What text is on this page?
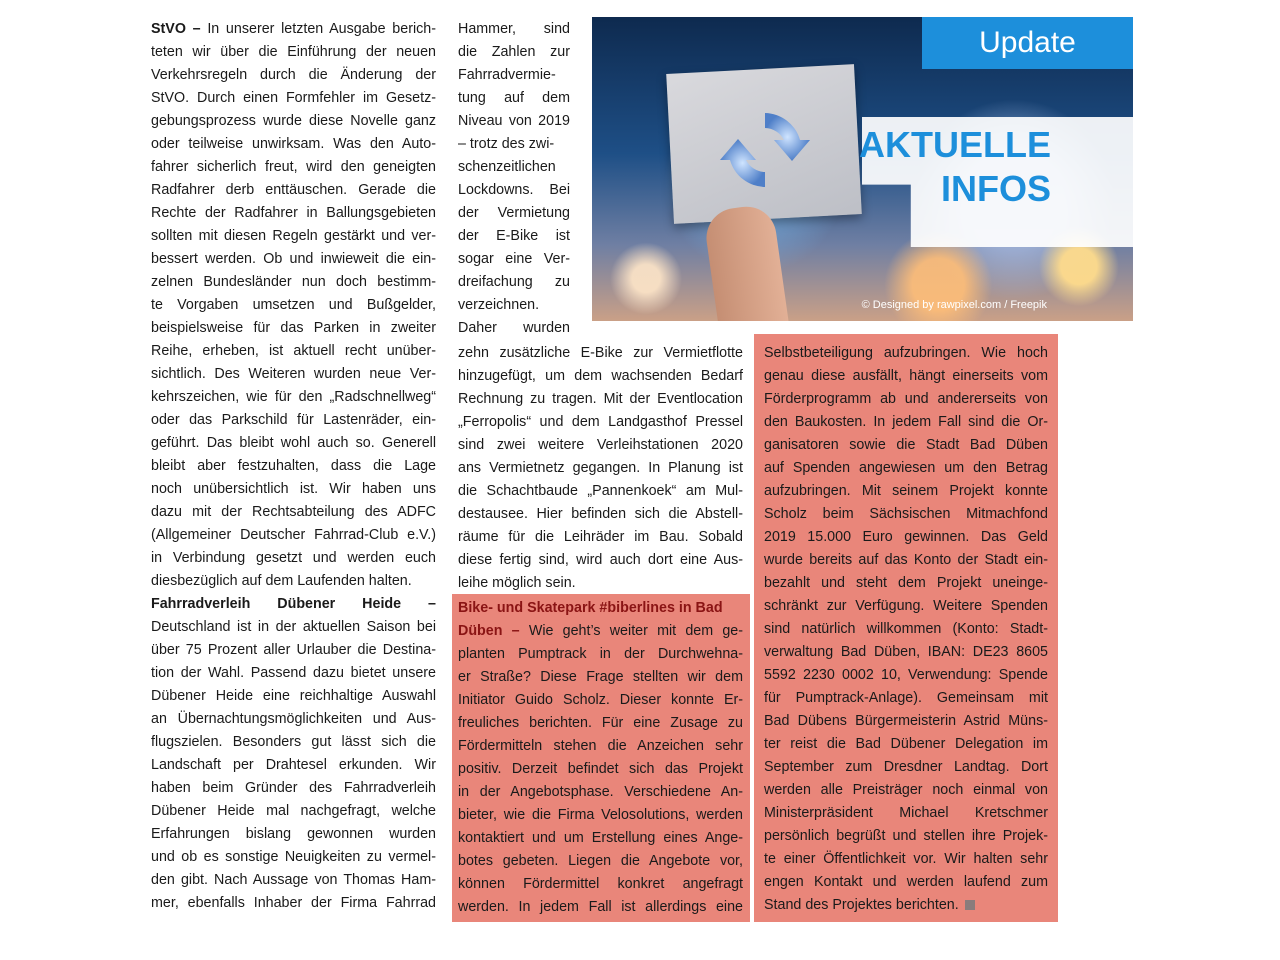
Update
AKTUELLE
INFOS
© Designed by rawpixel.com / Freepik
StVO – In unserer letzten Ausgabe berich-
teten wir über die Einführung der neuen
Verkehrsregeln durch die Änderung der
StVO. Durch einen Formfehler im Gesetz-
gebungsprozess wurde diese Novelle ganz
oder teilweise unwirksam. Was den Auto-
fahrer sicherlich freut, wird den geneigten
Radfahrer derb enttäuschen. Gerade die
Rechte der Radfahrer in Ballungsgebieten
sollten mit diesen Regeln gestärkt und ver-
bessert werden. Ob und inwieweit die ein-
zelnen Bundesländer nun doch bestimm-
te Vorgaben umsetzen und Bußgelder,
beispielsweise für das Parken in zweiter
Reihe, erheben, ist aktuell recht unüber-
sichtlich. Des Weiteren wurden neue Ver-
kehrszeichen, wie für den „Radschnellweg“
oder das Parkschild für Lastenräder, ein-
geführt. Das bleibt wohl auch so. Generell
bleibt aber festzuhalten, dass die Lage
noch unübersichtlich ist. Wir haben uns
dazu mit der Rechtsabteilung des ADFC
(Allgemeiner Deutscher Fahrrad-Club e.V.)
in Verbindung gesetzt und werden euch
diesbezüglich auf dem Laufenden halten.
Fahrradverleih Dübener Heide –
Deutschland ist in der aktuellen Saison bei
über 75 Prozent aller Urlauber die Destina-
tion der Wahl. Passend dazu bietet unsere
Dübener Heide eine reichhaltige Auswahl
an Übernachtungsmöglichkeiten und Aus-
flugszielen. Besonders gut lässt sich die
Landschaft per Drahtesel erkunden. Wir
haben beim Gründer des Fahrradverleih
Dübener Heide mal nachgefragt, welche
Erfahrungen bislang gewonnen wurden
und ob es sonstige Neuigkeiten zu vermel-
den gibt. Nach Aussage von Thomas Ham-
mer, ebenfalls Inhaber der Firma Fahrrad
Hammer, sind
die Zahlen zur
Fahrradvermie-
tung auf dem
Niveau von 2019
– trotz des zwi-
schenzeitlichen
Lockdowns. Bei
der Vermietung
der E-Bike ist
sogar eine Ver-
dreifachung zu
verzeichnen.
Daher wurden
zehn zusätzliche E-Bike zur Vermietflotte
hinzugefügt, um dem wachsenden Bedarf
Rechnung zu tragen. Mit der Eventlocation
„Ferropolis“ und dem Landgasthof Pressel
sind zwei weitere Verleihstationen 2020
ans Vermietnetz gegangen. In Planung ist
die Schachtbaude „Pannenkoek“ am Mul-
destausee. Hier befinden sich die Abstell-
räume für die Leihräder im Bau. Sobald
diese fertig sind, wird auch dort eine Aus-
leihe möglich sein.
Bike- und Skatepark #biberlines in Bad
Düben – Wie geht’s weiter mit dem ge-
planten Pumptrack in der Durchwehna-
er Straße? Diese Frage stellten wir dem
Initiator Guido Scholz. Dieser konnte Er-
freuliches berichten. Für eine Zusage zu
Fördermitteln stehen die Anzeichen sehr
positiv. Derzeit befindet sich das Projekt
in der Angebotsphase. Verschiedene An-
bieter, wie die Firma Velosolutions, werden
kontaktiert und um Erstellung eines Ange-
botes gebeten. Liegen die Angebote vor,
können Fördermittel konkret angefragt
werden. In jedem Fall ist allerdings eine
Selbstbeteiligung aufzubringen. Wie hoch
genau diese ausfällt, hängt einerseits vom
Förderprogramm ab und andererseits von
den Baukosten. In jedem Fall sind die Or-
ganisatoren sowie die Stadt Bad Düben
auf Spenden angewiesen um den Betrag
aufzubringen. Mit seinem Projekt konnte
Scholz beim Sächsischen Mitmachfond
2019 15.000 Euro gewinnen. Das Geld
wurde bereits auf das Konto der Stadt ein-
bezahlt und steht dem Projekt uneinge-
schränkt zur Verfügung. Weitere Spenden
sind natürlich willkommen (Konto: Stadt-
verwaltung Bad Düben, IBAN: DE23 8605
5592 2230 0002 10, Verwendung: Spende
für Pumptrack-Anlage). Gemeinsam mit
Bad Dübens Bürgermeisterin Astrid Müns-
ter reist die Bad Dübener Delegation im
September zum Dresdner Landtag. Dort
werden alle Preisträger noch einmal von
Ministerpräsident Michael Kretschmer
persönlich begrüßt und stellen ihre Projek-
te einer Öffentlichkeit vor. Wir halten sehr
engen Kontakt und werden laufend zum
Stand des Projektes berichten.
